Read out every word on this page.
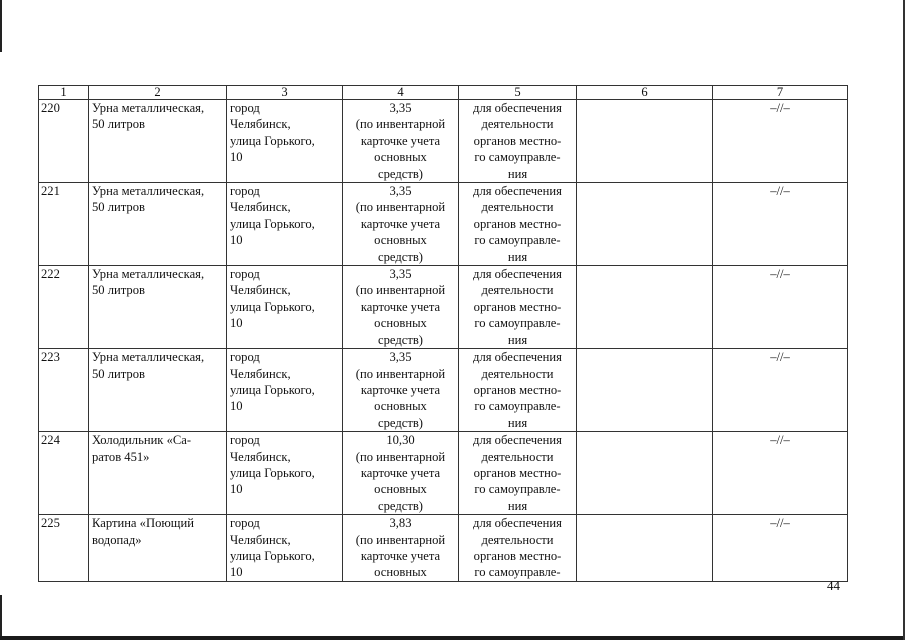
1	2	3	4	5	6	7
220	Урна металлическая,
50 литров	город
Челябинск,
улица Горького,
10	3,35
(по инвентарной
карточке учета
основных
средств)	для обеспечения
деятельности
органов местно-
го самоуправле-
ния		–//–
221	Урна металлическая,
50 литров	город
Челябинск,
улица Горького,
10	3,35
(по инвентарной
карточке учета
основных
средств)	для обеспечения
деятельности
органов местно-
го самоуправле-
ния		–//–
222	Урна металлическая,
50 литров	город
Челябинск,
улица Горького,
10	3,35
(по инвентарной
карточке учета
основных
средств)	для обеспечения
деятельности
органов местно-
го самоуправле-
ния		–//–
223	Урна металлическая,
50 литров	город
Челябинск,
улица Горького,
10	3,35
(по инвентарной
карточке учета
основных
средств)	для обеспечения
деятельности
органов местно-
го самоуправле-
ния		–//–
224	Холодильник «Са-
ратов 451»	город
Челябинск,
улица Горького,
10	10,30
(по инвентарной
карточке учета
основных
средств)	для обеспечения
деятельности
органов местно-
го самоуправле-
ния		–//–
225	Картина «Поющий
водопад»	город
Челябинск,
улица Горького,
10	3,83
(по инвентарной
карточке учета
основных	для обеспечения
деятельности
органов местно-
го самоуправле-		–//–
44
